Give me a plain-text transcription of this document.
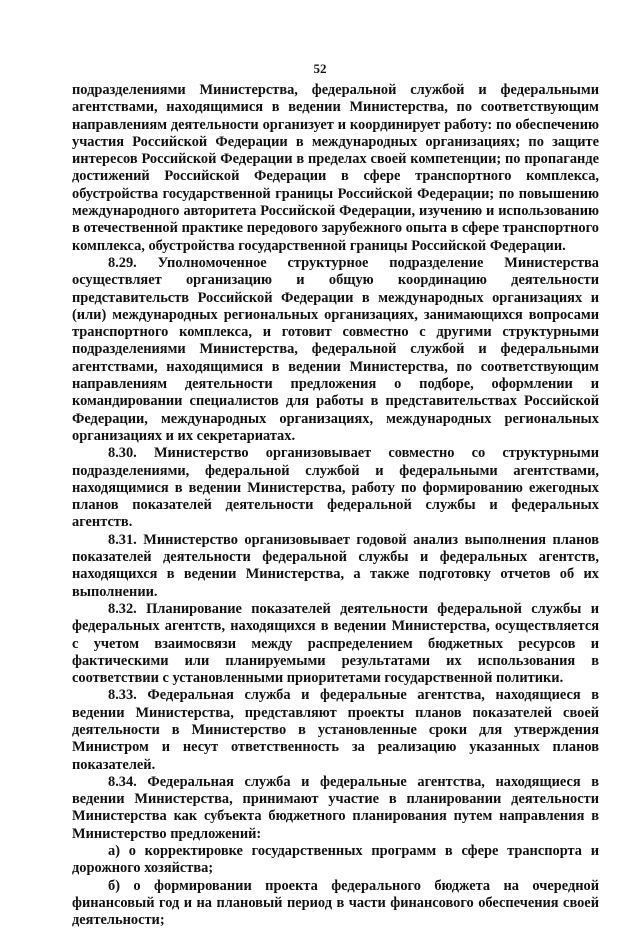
52

подразделениями Министерства, федеральной службой и федеральными агентствами, находящимися в ведении Министерства, по соответствующим направлениям деятельности организует и координирует работу: по обеспечению участия Российской Федерации в международных организациях; по защите интересов Российской Федерации в пределах своей компетенции; по пропаганде достижений Российской Федерации в сфере транспортного комплекса, обустройства государственной границы Российской Федерации; по повышению международного авторитета Российской Федерации, изучению и использованию в отечественной практике передового зарубежного опыта в сфере транспортного комплекса, обустройства государственной границы Российской Федерации.

8.29. Уполномоченное структурное подразделение Министерства осуществляет организацию и общую координацию деятельности представительств Российской Федерации в международных организациях и (или) международных региональных организациях, занимающихся вопросами транспортного комплекса, и готовит совместно с другими структурными подразделениями Министерства, федеральной службой и федеральными агентствами, находящимися в ведении Министерства, по соответствующим направлениям деятельности предложения о подборе, оформлении и командировании специалистов для работы в представительствах Российской Федерации, международных организациях, международных региональных организациях и их секретариатах.

8.30. Министерство организовывает совместно со структурными подразделениями, федеральной службой и федеральными агентствами, находящимися в ведении Министерства, работу по формированию ежегодных планов показателей деятельности федеральной службы и федеральных агентств.

8.31. Министерство организовывает годовой анализ выполнения планов показателей деятельности федеральной службы и федеральных агентств, находящихся в ведении Министерства, а также подготовку отчетов об их выполнении.

8.32. Планирование показателей деятельности федеральной службы и федеральных агентств, находящихся в ведении Министерства, осуществляется с учетом взаимосвязи между распределением бюджетных ресурсов и фактическими или планируемыми результатами их использования в соответствии с установленными приоритетами государственной политики.

8.33. Федеральная служба и федеральные агентства, находящиеся в ведении Министерства, представляют проекты планов показателей своей деятельности в Министерство в установленные сроки для утверждения Министром и несут ответственность за реализацию указанных планов показателей.

8.34. Федеральная служба и федеральные агентства, находящиеся в ведении Министерства, принимают участие в планировании деятельности Министерства как субъекта бюджетного планирования путем направления в Министерство предложений:

а) о корректировке государственных программ в сфере транспорта и дорожного хозяйства;

б) о формировании проекта федерального бюджета на очередной финансовый год и на плановый период в части финансового обеспечения своей деятельности;
